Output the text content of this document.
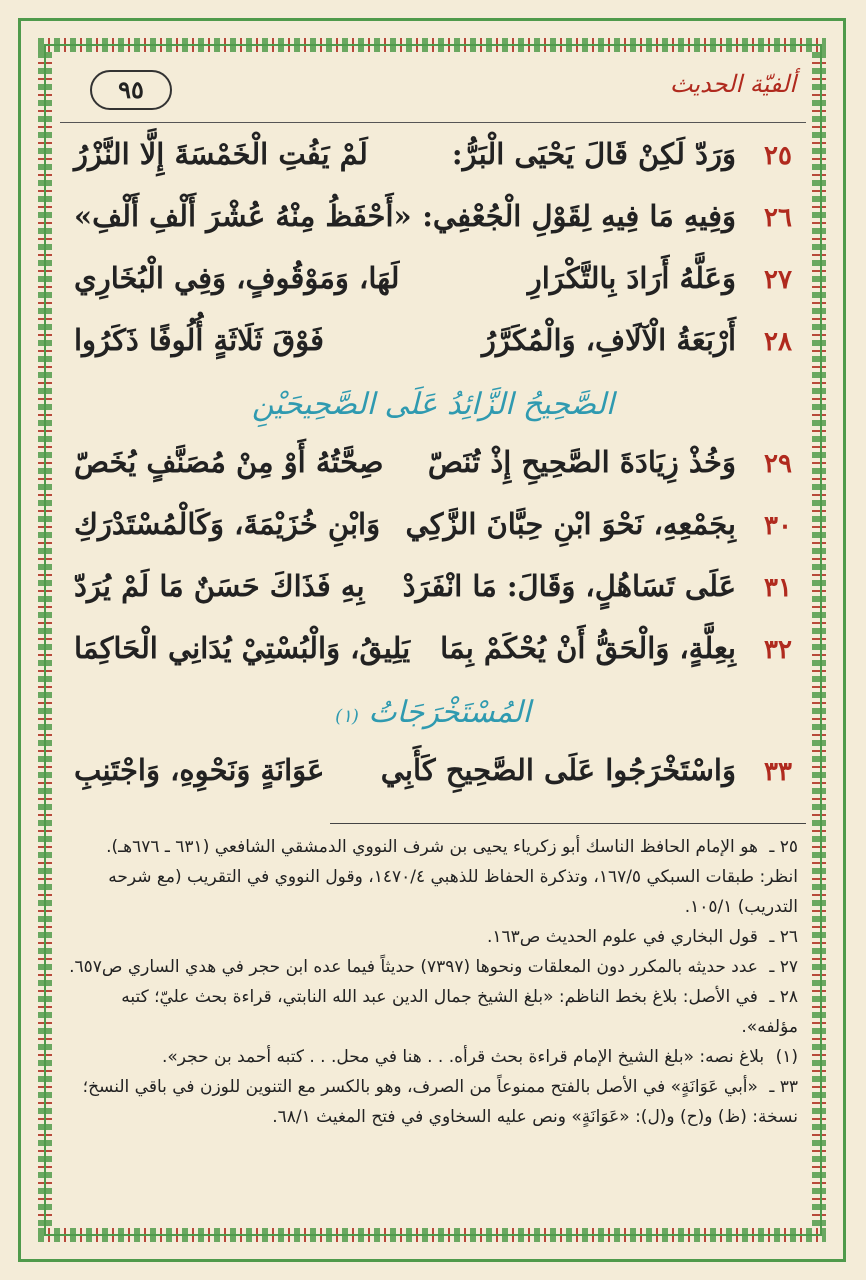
ألفيّة الحديث
٩٥
٢٥
وَرَدّ لَكِنْ قَالَ يَحْيَى الْبَرُّ:
لَمْ يَفُتِ الْخَمْسَةَ إِلَّا النَّزْرُ
٢٦
وَفِيهِ مَا فِيهِ لِقَوْلِ الْجُعْفِي:
«أَحْفَظُ مِنْهُ عُشْرَ أَلْفِ أَلْفِ»
٢٧
وَعَلَّهُ أَرَادَ بِالتَّكْرَارِ
لَهَا، وَمَوْقُوفٍ، وَفِي الْبُخَارِي
٢٨
أَرْبَعَةُ الْآلَافِ، وَالْمُكَرَّرُ
فَوْقَ ثَلَاثَةٍ أُلُوفًا ذَكَرُوا
الصَّحِيحُ الزَّائِدُ عَلَى الصَّحِيحَيْنِ
٢٩
وَخُذْ زِيَادَةَ الصَّحِيحِ إِذْ تُنَصّ
صِحَّتُهُ أَوْ مِنْ مُصَنَّفٍ يُخَصّ
٣٠
بِجَمْعِهِ، نَحْوَ ابْنِ حِبَّانَ الزَّكِي
وَابْنِ خُزَيْمَةَ، وَكَالْمُسْتَدْرَكِ
٣١
عَلَى تَسَاهُلٍ، وَقَالَ: مَا انْفَرَدْ
بِهِ فَذَاكَ حَسَنٌ مَا لَمْ يُرَدّ
٣٢
بِعِلَّةٍ، وَالْحَقُّ أَنْ يُحْكَمْ بِمَا
يَلِيقُ، وَالْبُسْتِيْ يُدَانِي الْحَاكِمَا
المُسْتَخْرَجَاتُ (١)
٣٣
وَاسْتَخْرَجُوا عَلَى الصَّحِيحِ كَأَبِي
عَوَانَةٍ وَنَحْوِهِ، وَاجْتَنِبِ
٢٥ ـ هو الإمام الحافظ الناسك أبو زكرياء يحيى بن شرف النووي الدمشقي الشافعي (٦٣١ ـ ٦٧٦هـ). انظر: طبقات السبكي ١٦٧/٥، وتذكرة الحفاظ للذهبي ١٤٧٠/٤، وقول النووي في التقريب (مع شرحه التدريب) ١٠٥/١.
٢٦ ـ قول البخاري في علوم الحديث ص١٦٣.
٢٧ ـ عدد حديثه بالمكرر دون المعلقات ونحوها (٧٣٩٧) حديثاً فيما عده ابن حجر في هدي الساري ص٦٥٧.
٢٨ ـ في الأصل: بلاغ بخط الناظم: «بلغ الشيخ جمال الدين عبد الله النابتي، قراءة بحث عليّ؛ كتبه مؤلفه».
(١) بلاغ نصه: «بلغ الشيخ الإمام قراءة بحث قرأه. . . هنا في محل. . . كتبه أحمد بن حجر».
٣٣ ـ «أبي عَوَانَةٍ» في الأصل بالفتح ممنوعاً من الصرف، وهو بالكسر مع التنوين للوزن في باقي النسخ؛ نسخة: (ظ) و(ح) و(ل): «عَوَانَةٍ» ونص عليه السخاوي في فتح المغيث ٦٨/١.
